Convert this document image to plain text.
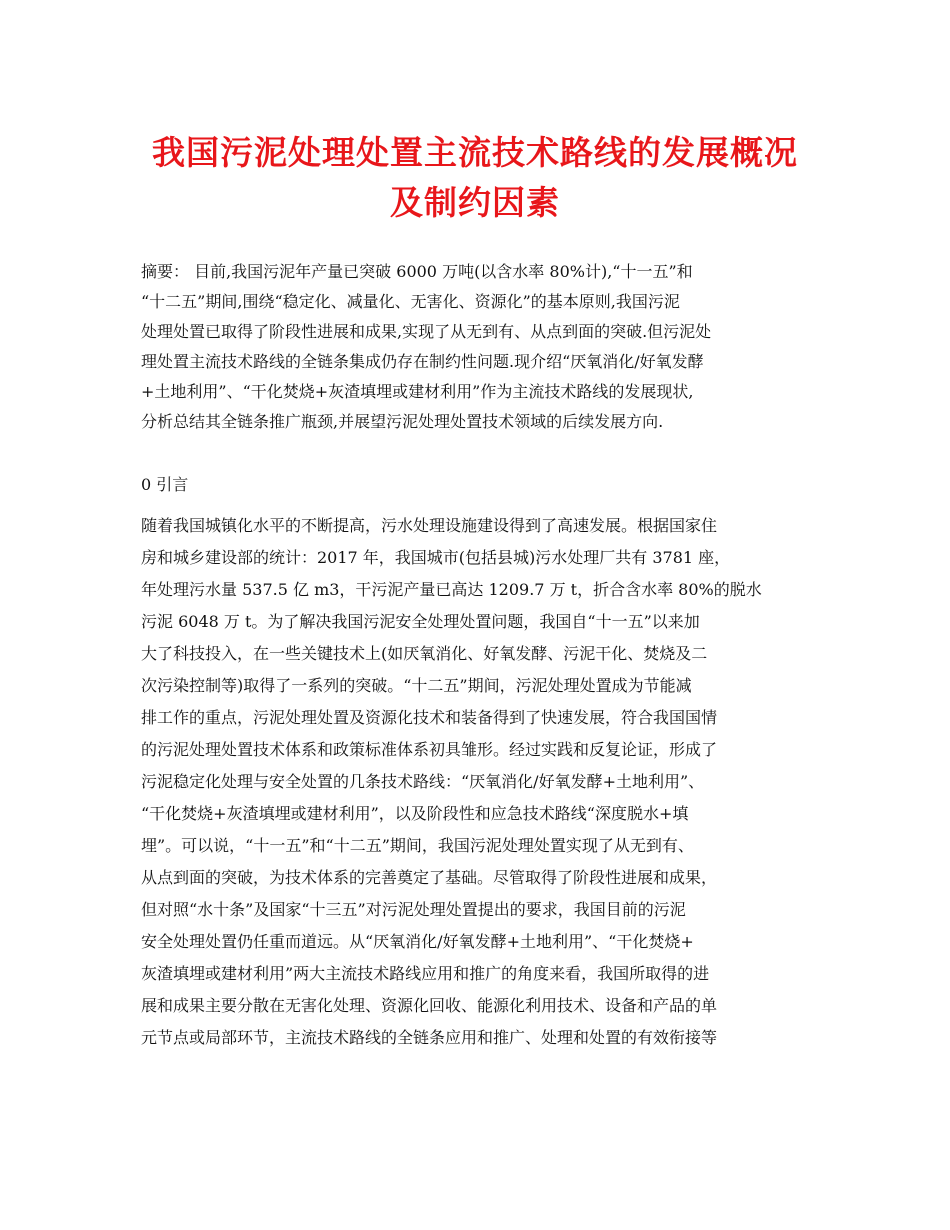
我国污泥处理处置主流技术路线的发展概况
及制约因素
摘要： 目前,我国污泥年产量已突破 6000 万吨(以含水率 80%计),“十一五”和
“十二五”期间,围绕“稳定化、减量化、无害化、资源化”的基本原则,我国污泥
处理处置已取得了阶段性进展和成果,实现了从无到有、从点到面的突破.但污泥处
理处置主流技术路线的全链条集成仍存在制约性问题.现介绍“厌氧消化/好氧发酵
+土地利用”、“干化焚烧+灰渣填埋或建材利用”作为主流技术路线的发展现状,
分析总结其全链条推广瓶颈,并展望污泥处理处置技术领域的后续发展方向.
0 引言
随着我国城镇化水平的不断提高，污水处理设施建设得到了高速发展。根据国家住
房和城乡建设部的统计：2017 年，我国城市(包括县城)污水处理厂共有 3781 座，
年处理污水量 537.5 亿 m3，干污泥产量已高达 1209.7 万 t，折合含水率 80%的脱水
污泥 6048 万 t。为了解决我国污泥安全处理处置问题，我国自“十一五”以来加
大了科技投入，在一些关键技术上(如厌氧消化、好氧发酵、污泥干化、焚烧及二
次污染控制等)取得了一系列的突破。“十二五”期间，污泥处理处置成为节能减
排工作的重点，污泥处理处置及资源化技术和装备得到了快速发展，符合我国国情
的污泥处理处置技术体系和政策标准体系初具雏形。经过实践和反复论证，形成了
污泥稳定化处理与安全处置的几条技术路线：“厌氧消化/好氧发酵+土地利用”、
“干化焚烧+灰渣填埋或建材利用”，以及阶段性和应急技术路线“深度脱水+填
埋”。可以说，“十一五”和“十二五”期间，我国污泥处理处置实现了从无到有、
从点到面的突破，为技术体系的完善奠定了基础。尽管取得了阶段性进展和成果，
但对照“水十条”及国家“十三五”对污泥处理处置提出的要求，我国目前的污泥
安全处理处置仍任重而道远。从“厌氧消化/好氧发酵+土地利用”、“干化焚烧+
灰渣填埋或建材利用”两大主流技术路线应用和推广的角度来看，我国所取得的进
展和成果主要分散在无害化处理、资源化回收、能源化利用技术、设备和产品的单
元节点或局部环节，主流技术路线的全链条应用和推广、处理和处置的有效衔接等
